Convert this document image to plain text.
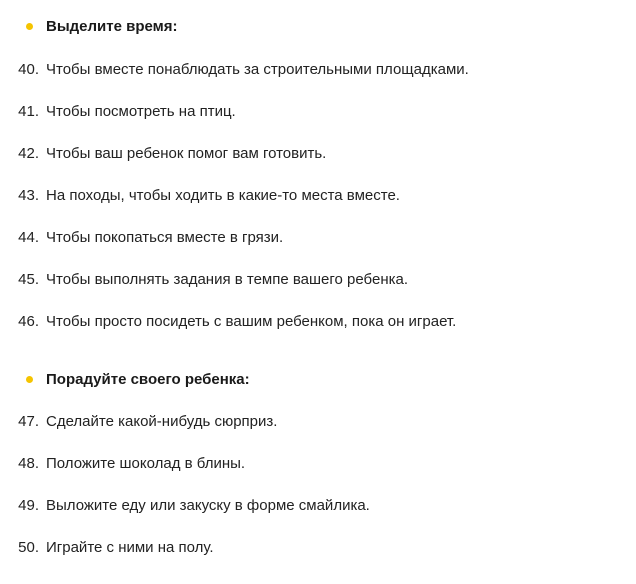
Выделите время:
40. Чтобы вместе понаблюдать за строительными площадками.
41. Чтобы посмотреть на птиц.
42. Чтобы ваш ребенок помог вам готовить.
43. На походы, чтобы ходить в какие-то места вместе.
44. Чтобы покопаться вместе в грязи.
45. Чтобы выполнять задания в темпе вашего ребенка.
46. Чтобы просто посидеть с вашим ребенком, пока он играет.
Порадуйте своего ребенка:
47. Сделайте какой-нибудь сюрприз.
48. Положите шоколад в блины.
49. Выложите еду или закуску в форме смайлика.
50. Играйте с ними на полу.
